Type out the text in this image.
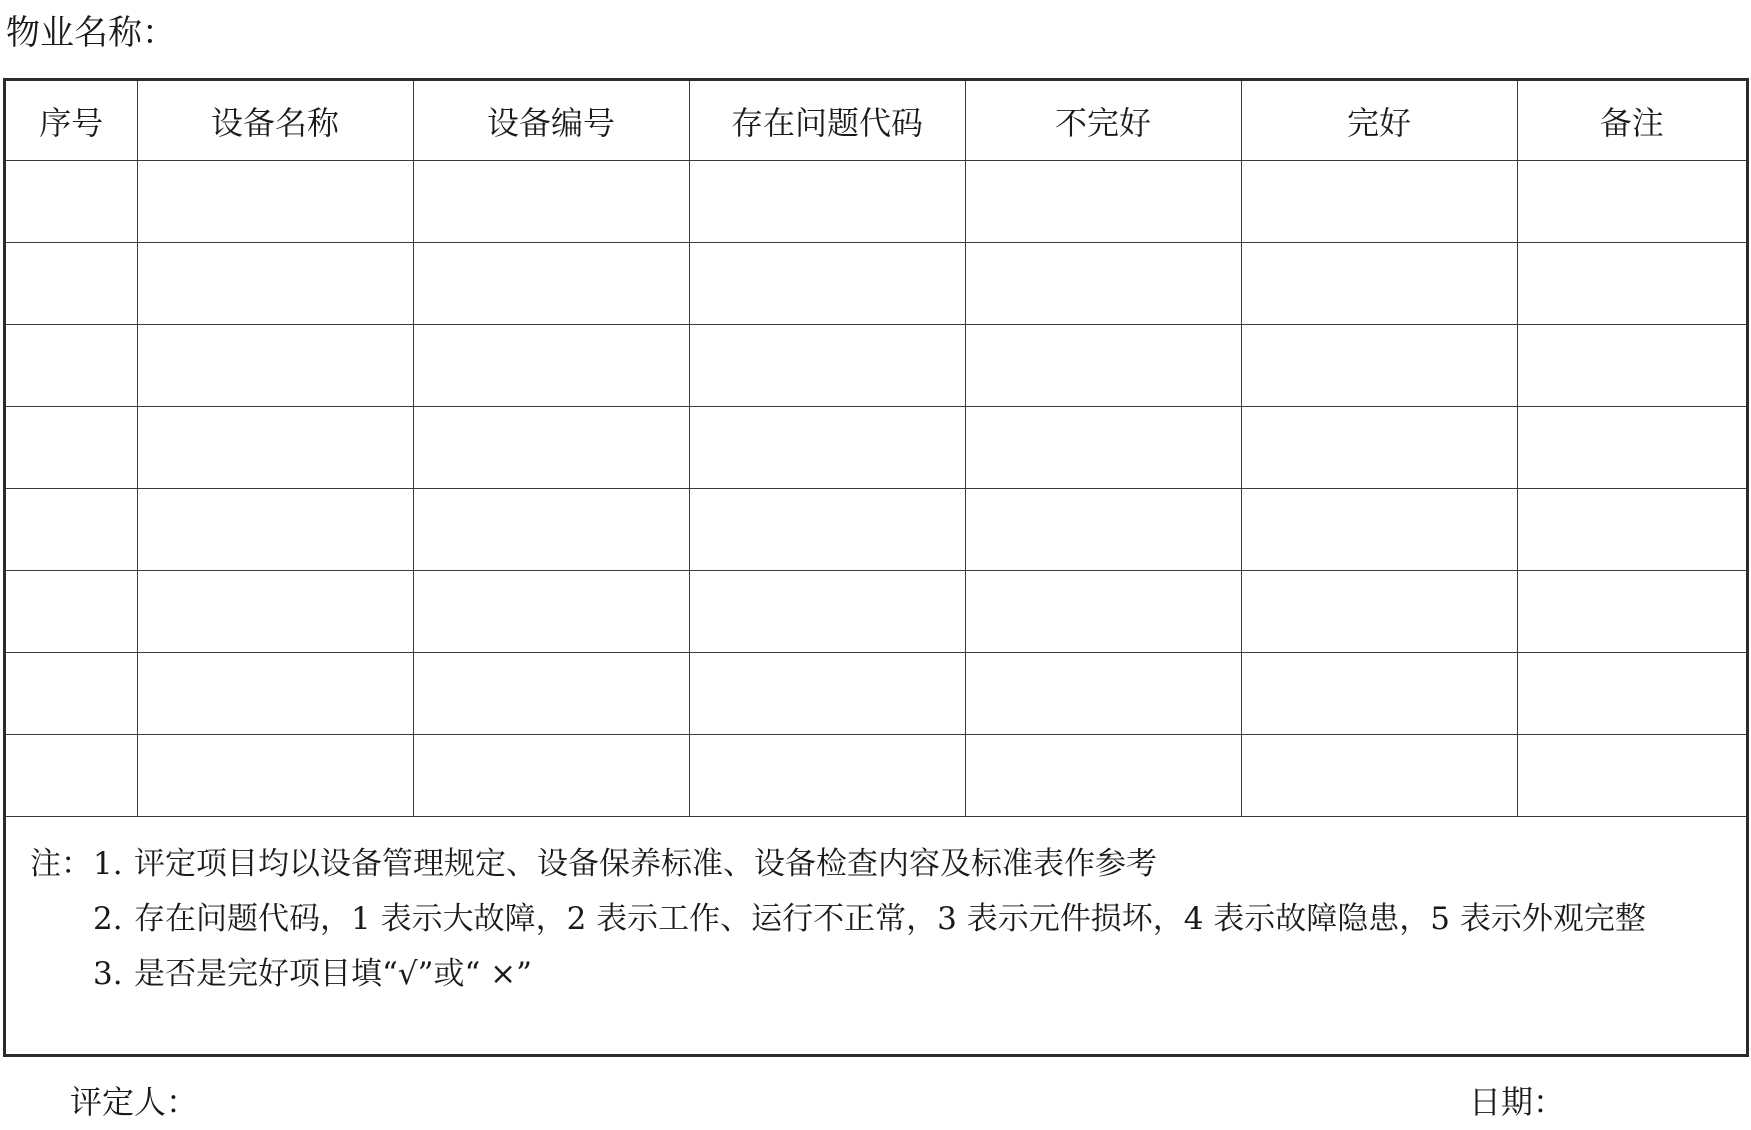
物业名称：
序号	设备名称	设备编号	存在问题代码	不完好	完好	备注

注： 1. 评定项目均以设备管理规定、设备保养标准、设备检查内容及标准表作参考
2. 存在问题代码，1 表示大故障，2 表示工作、运行不正常，3 表示元件损坏，4 表示故障隐患，5 表示外观完整
3. 是否是完好项目填“√”或“ ×”
评定人：	日期：
